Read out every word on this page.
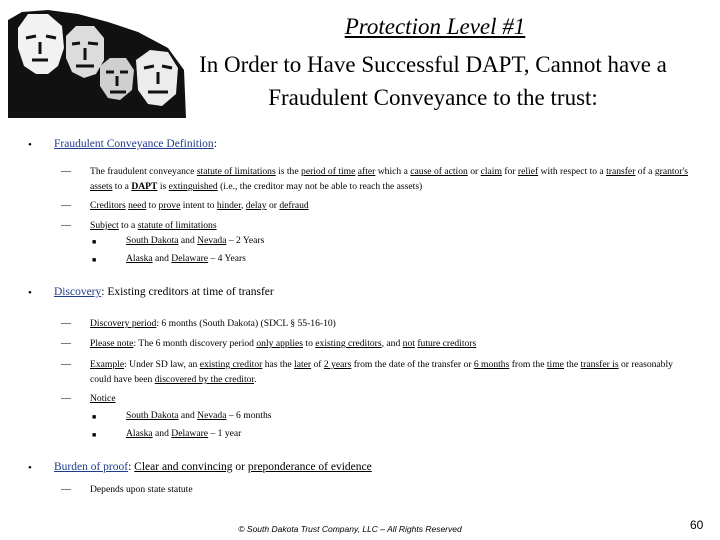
Protection Level #1
In Order to Have Successful DAPT, Cannot have a Fraudulent Conveyance to the trust:
• Fraudulent Conveyance Definition:
— The fraudulent conveyance statute of limitations is the period of time after which a cause of action or claim for relief with respect to a transfer of a grantor's assets to a DAPT is extinguished (i.e., the creditor may not be able to reach the assets)
— Creditors need to prove intent to hinder, delay or defraud
— Subject to a statute of limitations
■	South Dakota and Nevada – 2 Years
■	Alaska and Delaware – 4 Years
• Discovery: Existing creditors at time of transfer
— Discovery period: 6 months (South Dakota) (SDCL § 55-16-10)
— Please note: The 6 month discovery period only applies to existing creditors, and not future creditors
— Example: Under SD law, an existing creditor has the later of 2 years from the date of the transfer or 6 months from the time the transfer is or reasonably could have been discovered by the creditor.
— Notice
■	South Dakota and Nevada – 6 months
■	Alaska and Delaware – 1 year
• Burden of proof: Clear and convincing or preponderance of evidence
— Depends upon state statute
© South Dakota Trust Company, LLC – All Rights Reserved	60
